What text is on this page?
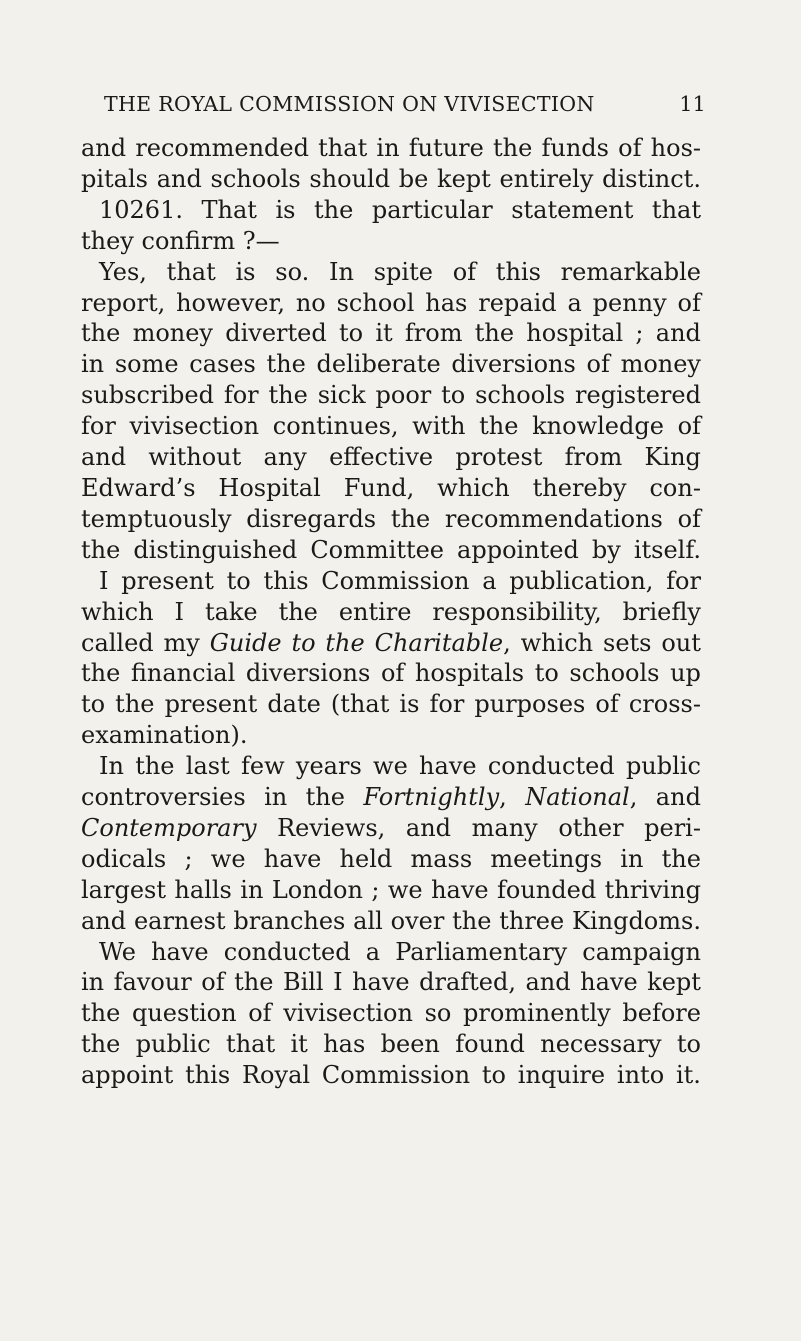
THE ROYAL COMMISSION ON VIVISECTION	11
and recommended that in future the funds of hos-
pitals and schools should be kept entirely distinct.
10261. That is the particular statement that
they confirm ?—
Yes, that is so. In spite of this remarkable
report, however, no school has repaid a penny of
the money diverted to it from the hospital ; and
in some cases the deliberate diversions of money
subscribed for the sick poor to schools registered
for vivisection continues, with the knowledge of
and without any effective protest from King
Edward’s Hospital Fund, which thereby con-
temptuously disregards the recommendations of
the distinguished Committee appointed by itself.
I present to this Commission a publication, for
which I take the entire responsibility, briefly
called my Guide to the Charitable, which sets out
the financial diversions of hospitals to schools up
to the present date (that is for purposes of cross-
examination).
In the last few years we have conducted public
controversies in the Fortnightly, National, and
Contemporary Reviews, and many other peri-
odicals ; we have held mass meetings in the
largest halls in London ; we have founded thriving
and earnest branches all over the three Kingdoms.
We have conducted a Parliamentary campaign
in favour of the Bill I have drafted, and have kept
the question of vivisection so prominently before
the public that it has been found necessary to
appoint this Royal Commission to inquire into it.
